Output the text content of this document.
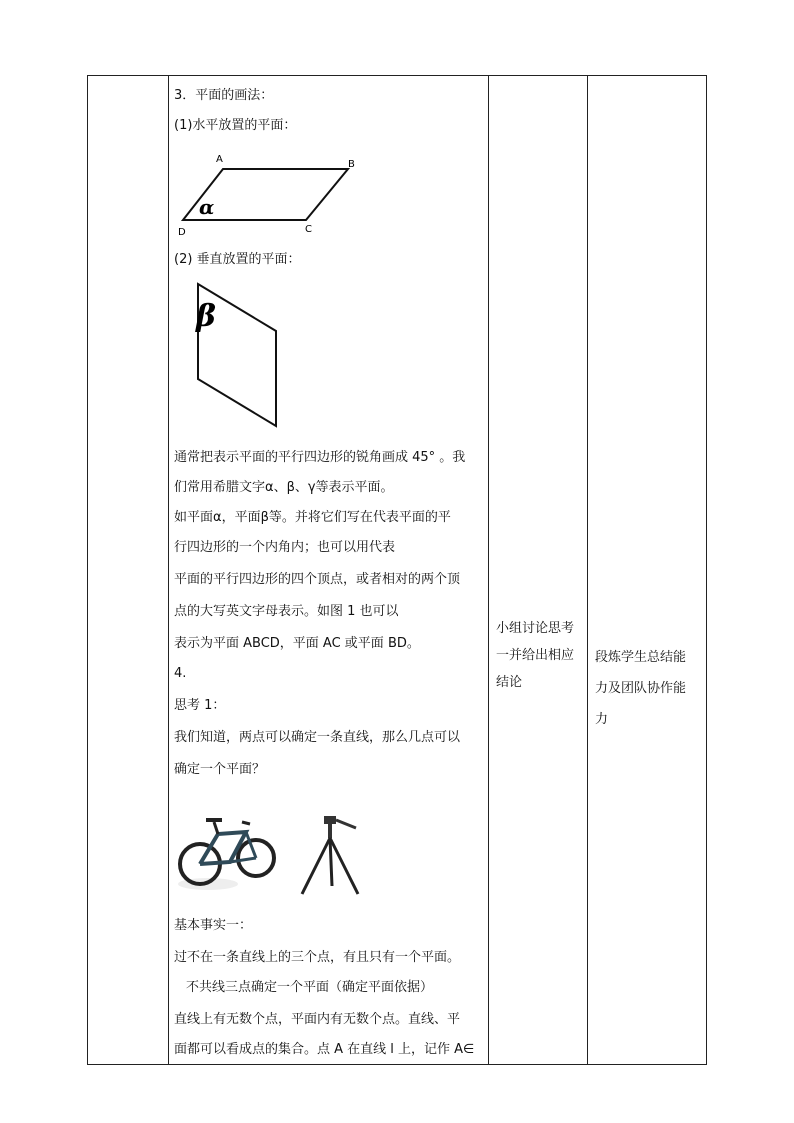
3．平面的画法：
(1)水平放置的平面：
A	B
C
D
α
(2) 垂直放置的平面：
β
通常把表示平面的平行四边形的锐角画成 45° 。我
们常用希腊文字α、β、γ等表示平面。
如平面α，平面β等。并将它们写在代表平面的平
行四边形的一个内角内；也可以用代表
平面的平行四边形的四个顶点，或者相对的两个顶
点的大写英文字母表示。如图 1 也可以
表示为平面 ABCD，平面 AC 或平面 BD。
4.
思考 1：
我们知道，两点可以确定一条直线，那么几点可以
确定一个平面？
基本事实一：
过不在一条直线上的三个点，有且只有一个平面。
不共线三点确定一个平面（确定平面依据）
直线上有无数个点，平面内有无数个点。直线、平
面都可以看成点的集合。点 A 在直线 l 上，记作 A∈
小组讨论思考
一并给出相应
结论
段炼学生总结能
力及团队协作能
力
